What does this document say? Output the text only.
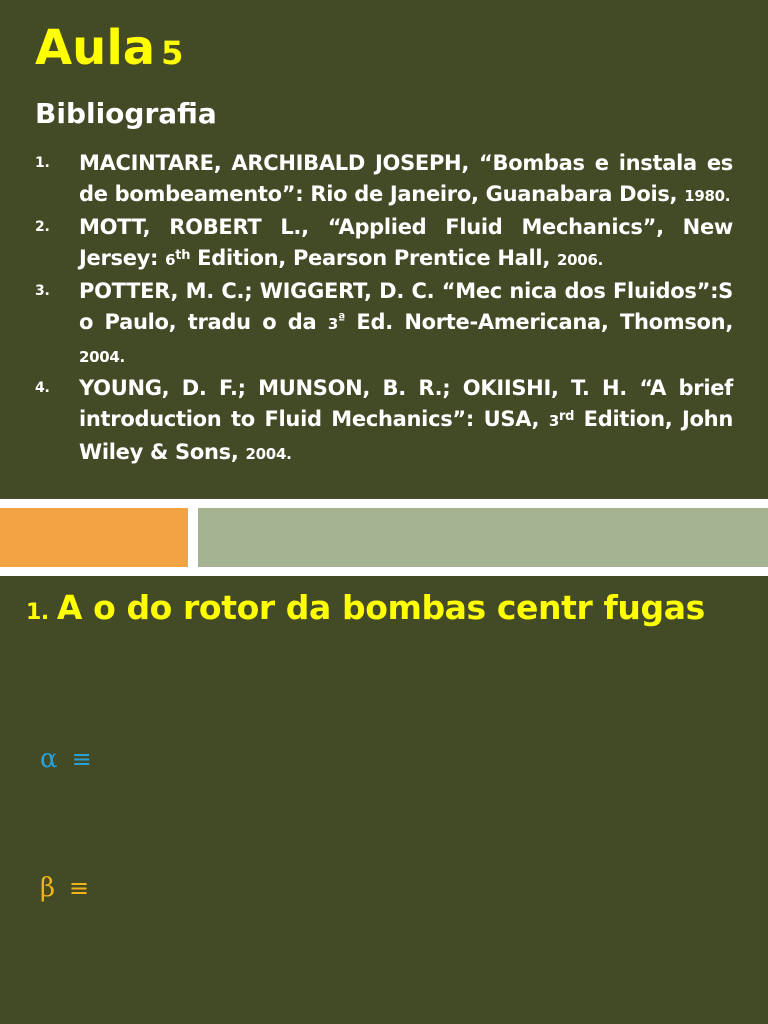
Aula 5
Bibliografia
1. MACINTARE, ARCHIBALD JOSEPH, “Bombas e instala es de bombeamento”: Rio de Janeiro, Guanabara Dois, 1980.
2. MOTT, ROBERT L., “Applied Fluid Mechanics”, New Jersey: 6th Edition, Pearson Prentice Hall, 2006.
3. POTTER, M. C.; WIGGERT, D. C. “Mec nica dos Fluidos”:S o Paulo, tradu o da $3^ª$ Ed. Norte-Americana, Thomson, 2004.
4. YOUNG, D. F.; MUNSON, B. R.; OKIISHI, T. H. “A brief introduction to Fluid Mechanics”: USA, 3rd Edition, John Wiley & Sons, 2004.
1. A o do rotor da bombas centr fugas
α ≡
β ≡
